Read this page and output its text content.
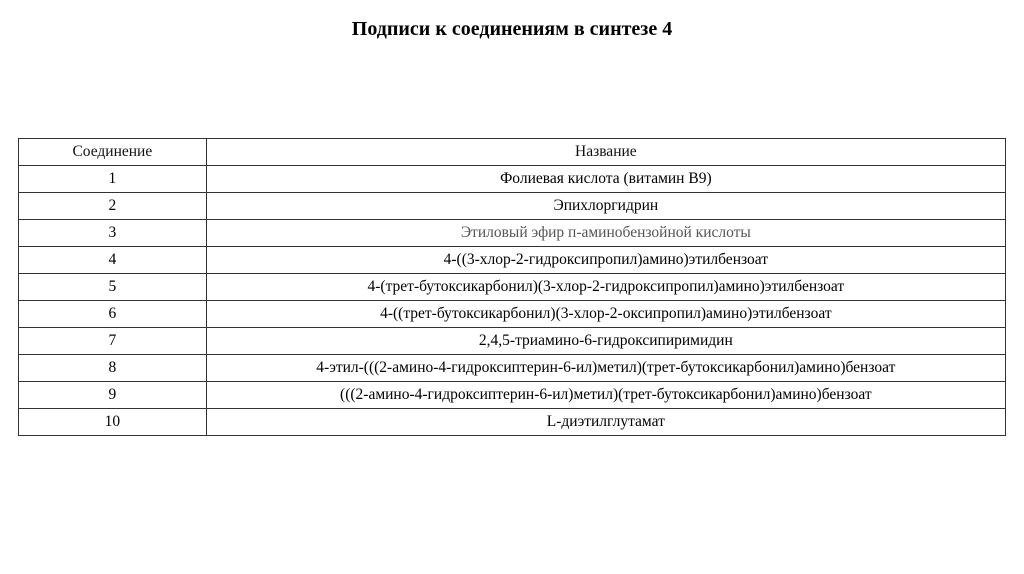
Подписи к соединениям в синтезе 4
Соединение	Название
1	Фолиевая кислота (витамин В9)
2	Эпихлоргидрин
3	Этиловый эфир п-аминобензойной кислоты
4	4-((3-хлор-2-гидроксипропил)амино)этилбензоат
5	4-(трет-бутоксикарбонил)(3-хлор-2-гидроксипропил)амино)этилбензоат
6	4-((трет-бутоксикарбонил)(3-хлор-2-оксипропил)амино)этилбензоат
7	2,4,5-триамино-6-гидроксипиримидин
8	4-этил-(((2-амино-4-гидроксиптерин-6-ил)метил)(трет-бутоксикарбонил)амино)бензоат
9	(((2-амино-4-гидроксиптерин-6-ил)метил)(трет-бутоксикарбонил)амино)бензоат
10	L-диэтилглутамат
